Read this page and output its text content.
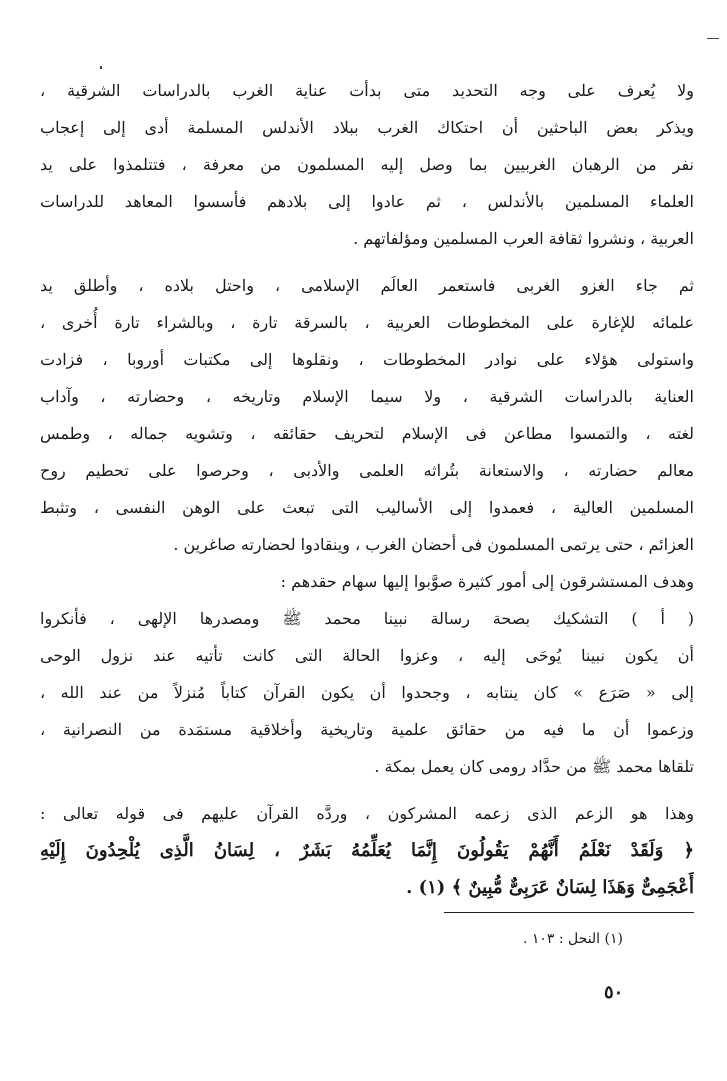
ولا يُعرف على وجه التحديد متى بدأت عناية الغرب بالدراسات الشرقية ،
ويذكر بعض الباحثين أن احتكاك الغرب ببلاد الأندلس المسلمة أدى إلى إعجاب
نفر من الرهبان الغربيين بما وصل إليه المسلمون من معرفة ، فتتلمذوا على يد
العلماء المسلمين بالأندلس ، ثم عادوا إلى بلادهم فأسسوا المعاهد للدراسات
العربية ، ونشروا ثقافة العرب المسلمين ومؤلفاتهم .
ثم جاء الغزو الغربى فاستعمر العالَم الإسلامى ، واحتل بلاده ، وأطلق يد
علمائه للإغارة على المخطوطات العربية ، بالسرقة تارة ، وبالشراء تارة أُخرى ،
واستولى هؤلاء على نوادر المخطوطات ، ونقلوها إلى مكتبات أوروبا ، فزادت
العناية بالدراسات الشرقية ، ولا سيما الإسلام وتاريخه ، وحضارته ، وآداب
لغته ، والتمسوا مطاعن فى الإسلام لتحريف حقائقه ، وتشويه جماله ، وطمس
معالم حضارته ، والاستعانة بتُراثه العلمى والأدبى ، وحرصوا على تحطيم روح
المسلمين العالية ، فعمدوا إلى الأساليب التى تبعث على الوهن النفسى ، وتثبط
العزائم ، حتى يرتمى المسلمون فى أحضان الغرب ، وينقادوا لحضارته صاغرين .
وهدف المستشرقون إلى أمور كثيرة صوَّبوا إليها سهام حقدهم :
( أ ) التشكيك بصحة رسالة نبينا محمد ﷺ ومصدرها الإلهى ، فأنكروا
أن يكون نبينا يُوحَى إليه ، وعزوا الحالة التى كانت تأتيه عند نزول الوحى
إلى « صَرَع » كان ينتابه ، وجحدوا أن يكون القرآن كتاباً مُنزلاً من عند الله ،
وزعموا أن ما فيه من حقائق علمية وتاريخية وأخلاقية مستمَدة من النصرانية ،
تلقاها محمد ﷺ من حدَّاد رومى كان يعمل بمكة .
وهذا هو الزعم الذى زعمه المشركون ، وردَّه القرآن عليهم فى قوله تعالى :
﴿ وَلَقَدْ نَعْلَمُ أَنَّهُمْ يَقُولُونَ إِنَّمَا يُعَلِّمُهُ بَشَرٌ ، لِسَانُ الَّذِى يُلْحِدُونَ إِلَيْهِ
أَعْجَمِىٌّ وَهَذَا لِسَانٌ عَرَبِىٌّ مُّبِينٌ ﴾ (١) .
(١) النحل : ١٠٣ .
٥٠
